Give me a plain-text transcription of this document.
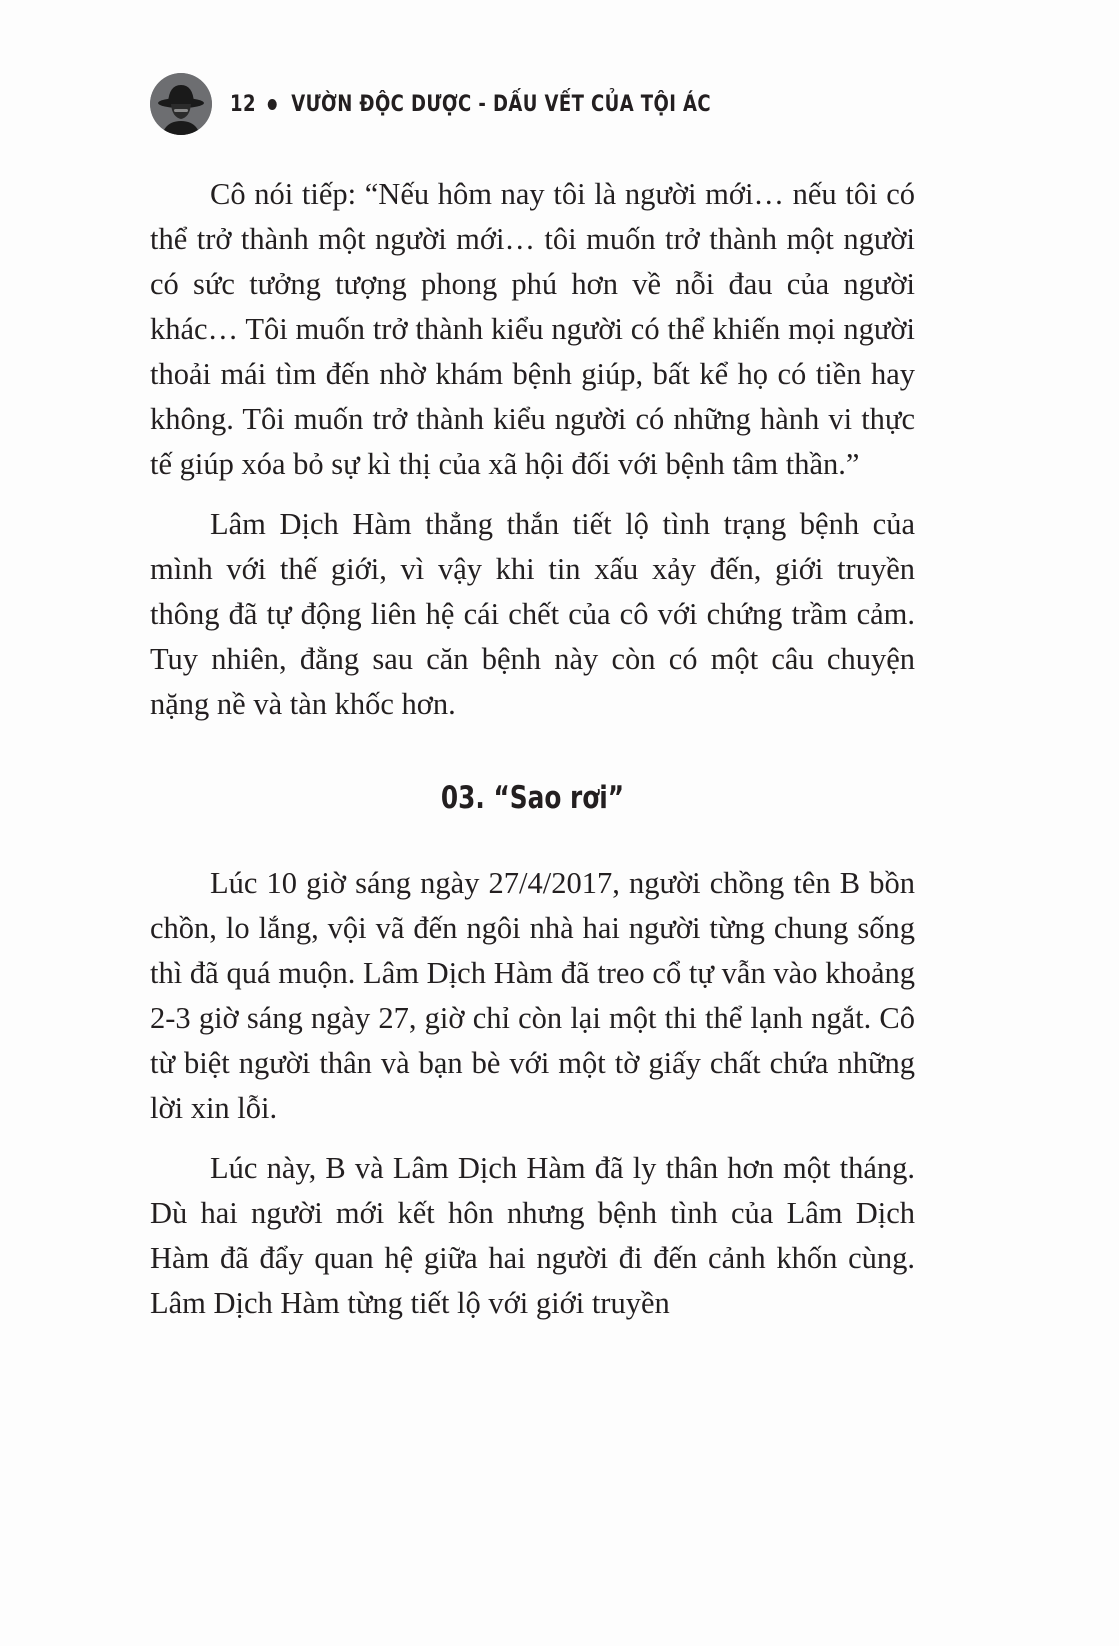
12 VƯỜN ĐỘC DƯỢC - DẤU VẾT CỦA TỘI ÁC

Cô nói tiếp: “Nếu hôm nay tôi là người mới… nếu tôi có thể trở thành một người mới… tôi muốn trở thành một người có sức tưởng tượng phong phú hơn về nỗi đau của người khác… Tôi muốn trở thành kiểu người có thể khiến mọi người thoải mái tìm đến nhờ khám bệnh giúp, bất kể họ có tiền hay không. Tôi muốn trở thành kiểu người có những hành vi thực tế giúp xóa bỏ sự kì thị của xã hội đối với bệnh tâm thần.”

Lâm Dịch Hàm thẳng thắn tiết lộ tình trạng bệnh của mình với thế giới, vì vậy khi tin xấu xảy đến, giới truyền thông đã tự động liên hệ cái chết của cô với chứng trầm cảm. Tuy nhiên, đằng sau căn bệnh này còn có một câu chuyện nặng nề và tàn khốc hơn.

03. “Sao rơi”

Lúc 10 giờ sáng ngày 27/4/2017, người chồng tên B bồn chồn, lo lắng, vội vã đến ngôi nhà hai người từng chung sống thì đã quá muộn. Lâm Dịch Hàm đã treo cổ tự vẫn vào khoảng 2-3 giờ sáng ngày 27, giờ chỉ còn lại một thi thể lạnh ngắt. Cô từ biệt người thân và bạn bè với một tờ giấy chất chứa những lời xin lỗi.

Lúc này, B và Lâm Dịch Hàm đã ly thân hơn một tháng. Dù hai người mới kết hôn nhưng bệnh tình của Lâm Dịch Hàm đã đẩy quan hệ giữa hai người đi đến cảnh khốn cùng. Lâm Dịch Hàm từng tiết lộ với giới truyền
